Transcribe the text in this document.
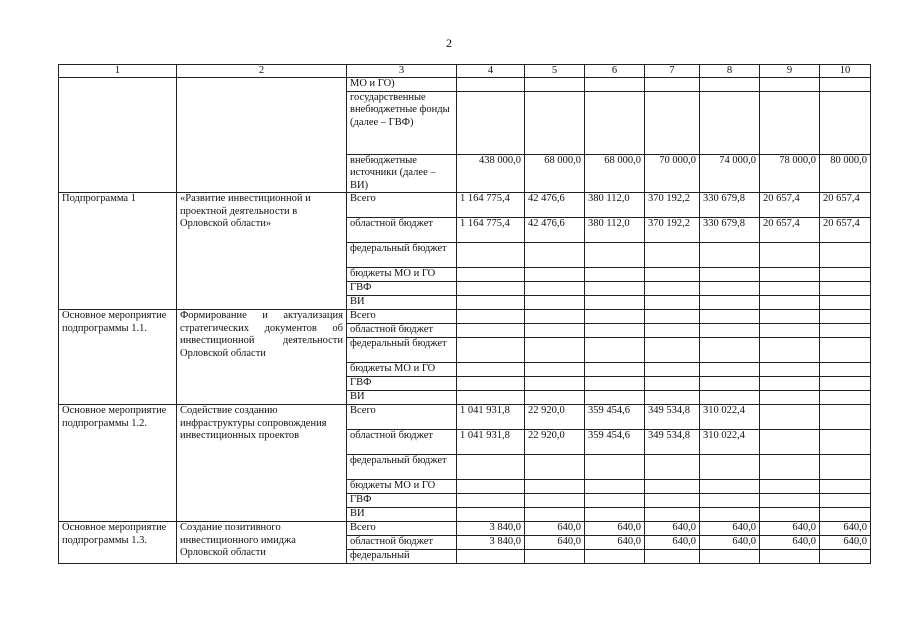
2
1	2	3	4	5	6	7	8	9	10
		МО и ГО)							
		государственные внебюджетные фонды (далее – ГВФ)							
		внебюджетные источники (далее – ВИ)	438 000,0	68 000,0	68 000,0	70 000,0	74 000,0	78 000,0	80 000,0
Подпрограмма 1	«Развитие инвестиционной и проектной деятельности в Орловской области»	Всего	1 164 775,4	42 476,6	380 112,0	370 192,2	330 679,8	20 657,4	20 657,4
		областной бюджет	1 164 775,4	42 476,6	380 112,0	370 192,2	330 679,8	20 657,4	20 657,4
		федеральный бюджет							
		бюджеты МО и ГО							
		ГВФ							
		ВИ							
Основное мероприятие подпрограммы 1.1.	Формирование и актуализация стратегических документов об инвестиционной деятельности Орловской области	Всего							
		областной бюджет							
		федеральный бюджет							
		бюджеты МО и ГО							
		ГВФ							
		ВИ							
Основное мероприятие подпрограммы 1.2.	Содействие созданию инфраструктуры сопровождения инвестиционных проектов	Всего	1 041 931,8	22 920,0	359 454,6	349 534,8	310 022,4		
		областной бюджет	1 041 931,8	22 920,0	359 454,6	349 534,8	310 022,4		
		федеральный бюджет							
		бюджеты МО и ГО							
		ГВФ							
		ВИ							
Основное мероприятие подпрограммы 1.3.	Создание позитивного инвестиционного имиджа Орловской области	Всего	3 840,0	640,0	640,0	640,0	640,0	640,0	640,0
		областной бюджет	3 840,0	640,0	640,0	640,0	640,0	640,0	640,0
		федеральный							
